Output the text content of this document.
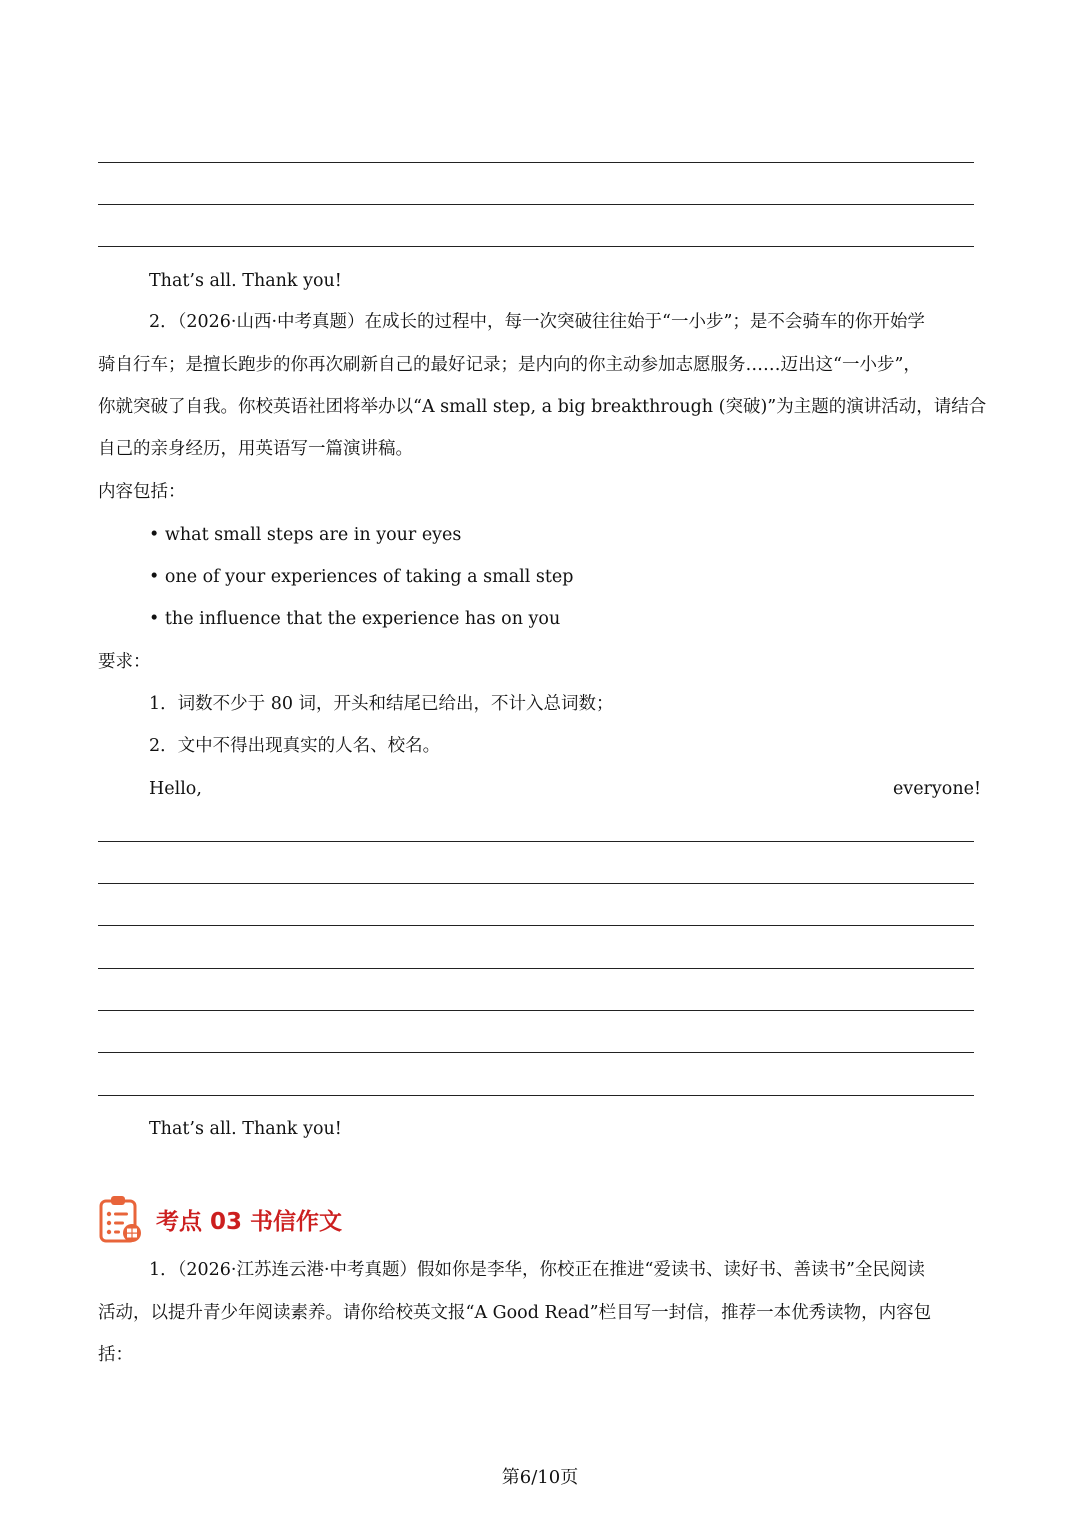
That’s all. Thank you!
2．（2026·山西·中考真题）在成长的过程中，每一次突破往往始于“一小步”；是不会骑车的你开始学
骑自行车；是擅长跑步的你再次刷新自己的最好记录；是内向的你主动参加志愿服务……迈出这“一小步”，
你就突破了自我。你校英语社团将举办以“A small step, a big breakthrough (突破)”为主题的演讲活动，请结合
自己的亲身经历，用英语写一篇演讲稿。
内容包括：
• what small steps are in your eyes
• one of your experiences of taking a small step
• the influence that the experience has on you
要求：
1．词数不少于 80 词，开头和结尾已给出，不计入总词数；
2．文中不得出现真实的人名、校名。
Hello,	everyone!
That’s all. Thank you!
考点 03 书信作文
1．（2026·江苏连云港·中考真题）假如你是李华，你校正在推进“爱读书、读好书、善读书”全民阅读
活动，以提升青少年阅读素养。请你给校英文报“A Good Read”栏目写一封信，推荐一本优秀读物，内容包
括：
第6/10页
